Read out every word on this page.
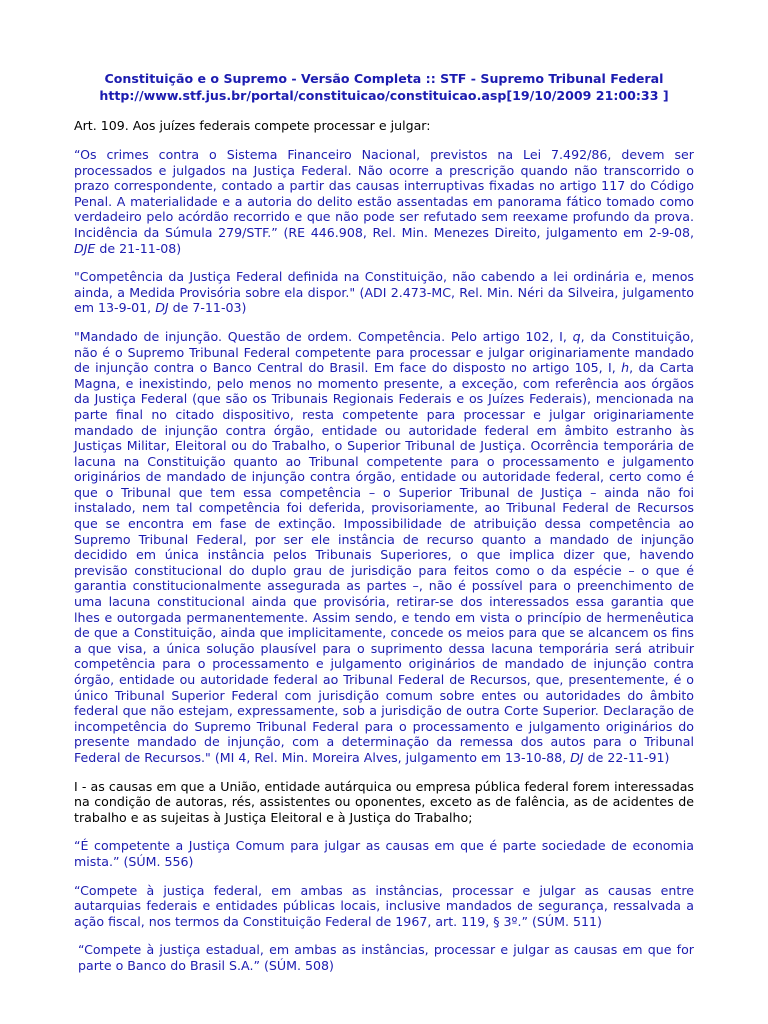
Constituição e o Supremo - Versão Completa :: STF - Supremo Tribunal Federal
http://www.stf.jus.br/portal/constituicao/constituicao.asp[19/10/2009 21:00:33 ]
Art. 109. Aos juízes federais compete processar e julgar:

“Os crimes contra o Sistema Financeiro Nacional, previstos na Lei 7.492/86, devem ser processados e julgados na Justiça Federal. Não ocorre a prescrição quando não transcorrido o prazo correspondente, contado a partir das causas interruptivas fixadas no artigo 117 do Código Penal. A materialidade e a autoria do delito estão assentadas em panorama fático tomado como verdadeiro pelo acórdão recorrido e que não pode ser refutado sem reexame profundo da prova. Incidência da Súmula 279/STF.” (RE 446.908, Rel. Min. Menezes Direito, julgamento em 2-9-08, DJE de 21-11-08)

"Competência da Justiça Federal definida na Constituição, não cabendo a lei ordinária e, menos ainda, a Medida Provisória sobre ela dispor." (ADI 2.473-MC, Rel. Min. Néri da Silveira, julgamento em 13-9-01, DJ de 7-11-03)

"Mandado de injunção. Questão de ordem. Competência. Pelo artigo 102, I, q, da Constituição, não é o Supremo Tribunal Federal competente para processar e julgar originariamente mandado de injunção contra o Banco Central do Brasil. Em face do disposto no artigo 105, I, h, da Carta Magna, e inexistindo, pelo menos no momento presente, a exceção, com referência aos órgãos da Justiça Federal (que são os Tribunais Regionais Federais e os Juízes Federais), mencionada na parte final no citado dispositivo, resta competente para processar e julgar originariamente mandado de injunção contra órgão, entidade ou autoridade federal em âmbito estranho às Justiças Militar, Eleitoral ou do Trabalho, o Superior Tribunal de Justiça. Ocorrência temporária de lacuna na Constituição quanto ao Tribunal competente para o processamento e julgamento originários de mandado de injunção contra órgão, entidade ou autoridade federal, certo como é que o Tribunal que tem essa competência – o Superior Tribunal de Justiça – ainda não foi instalado, nem tal competência foi deferida, provisoriamente, ao Tribunal Federal de Recursos que se encontra em fase de extinção. Impossibilidade de atribuição dessa competência ao Supremo Tribunal Federal, por ser ele instância de recurso quanto a mandado de injunção decidido em única instância pelos Tribunais Superiores, o que implica dizer que, havendo previsão constitucional do duplo grau de jurisdição para feitos como o da espécie – o que é garantia constitucionalmente assegurada as partes –, não é possível para o preenchimento de uma lacuna constitucional ainda que provisória, retirar-se dos interessados essa garantia que lhes e outorgada permanentemente. Assim sendo, e tendo em vista o princípio de hermenêutica de que a Constituição, ainda que implicitamente, concede os meios para que se alcancem os fins a que visa, a única solução plausível para o suprimento dessa lacuna temporária será atribuir competência para o processamento e julgamento originários de mandado de injunção contra órgão, entidade ou autoridade federal ao Tribunal Federal de Recursos, que, presentemente, é o único Tribunal Superior Federal com jurisdição comum sobre entes ou autoridades do âmbito federal que não estejam, expressamente, sob a jurisdição de outra Corte Superior. Declaração de incompetência do Supremo Tribunal Federal para o processamento e julgamento originários do presente mandado de injunção, com a determinação da remessa dos autos para o Tribunal Federal de Recursos." (MI 4, Rel. Min. Moreira Alves, julgamento em 13-10-88, DJ de 22-11-91)

I - as causas em que a União, entidade autárquica ou empresa pública federal forem interessadas na condição de autoras, rés, assistentes ou oponentes, exceto as de falência, as de acidentes de trabalho e as sujeitas à Justiça Eleitoral e à Justiça do Trabalho;

“É competente a Justiça Comum para julgar as causas em que é parte sociedade de economia mista.” (SÚM. 556)

“Compete à justiça federal, em ambas as instâncias, processar e julgar as causas entre autarquias federais e entidades públicas locais, inclusive mandados de segurança, ressalvada a ação fiscal, nos termos da Constituição Federal de 1967, art. 119, § 3º.” (SÚM. 511)

“Compete à justiça estadual, em ambas as instâncias, processar e julgar as causas em que for parte o Banco do Brasil S.A.” (SÚM. 508)
